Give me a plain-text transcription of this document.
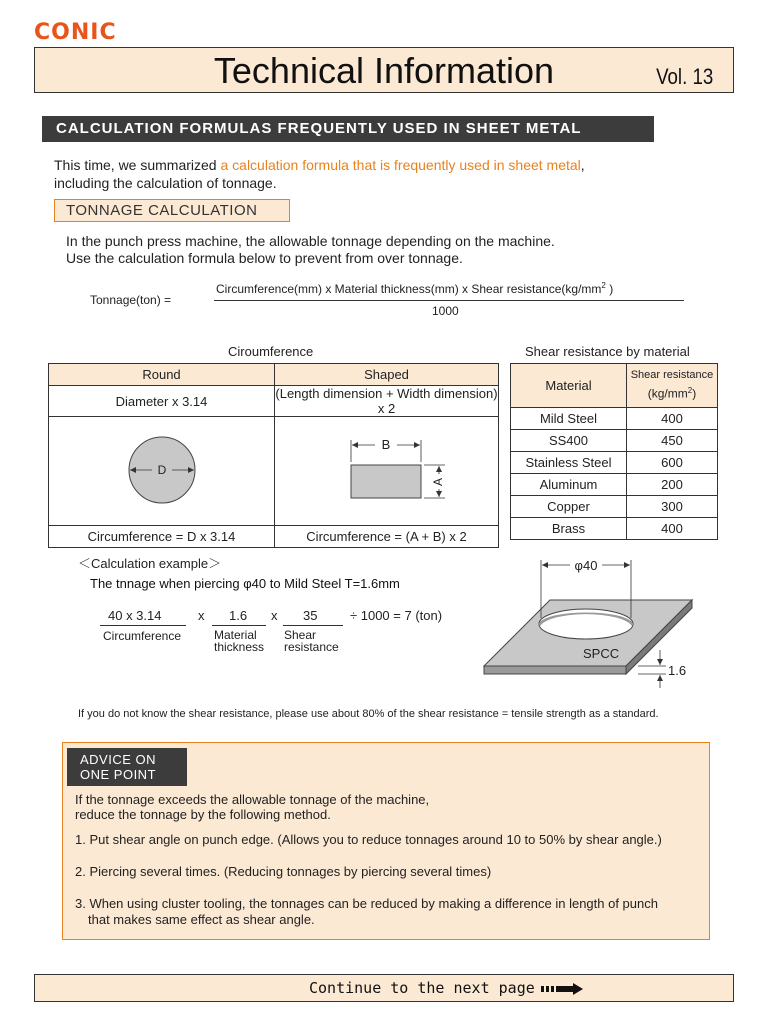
CONIC
Technical Information	Vol. 13
CALCULATION FORMULAS FREQUENTLY USED IN SHEET METAL
This time, we summarized a calculation formula that is frequently used in sheet metal,
including the calculation of tonnage.
TONNAGE CALCULATION
In the punch press machine, the allowable tonnage depending on the machine.
Use the calculation formula below to prevent from over tonnage.
Tonnage(ton) =
Circumference(mm) x Material thickness(mm) x Shear $resistance(kg/mm^2$ )
1000
Ciroumference	Shear resistance by material
Round	Shaped
Diameter x 3.14	(Length dimension + Width dimension) x 2

D	B
A

Circumference = D x 3.14	Circumference = (A + B) x 2
Material	Shear resistance
$(kg/mm^2)$
Mild Steel	400
SS400	450
Stainless Steel	600
Aluminum	200
Copper	300
Brass	400
＜Calculation example＞
The tnnage when piercing φ40 to Mild Steel T=1.6mm
40 x 3.14
Circumference
x 1.6
Material
thickness
x 35
Shear
resistance
÷ 1000 = 7 (ton)
φ40
SPCC
1.6
If you do not know the shear resistance, please use about 80% of the shear resistance = tensile strength as a standard.
ADVICE ON
ONE POINT
If the tonnage exceeds the allowable tonnage of the machine,
reduce the tonnage by the following method.
1. Put shear angle on punch edge. (Allows you to reduce tonnages around 10 to 50% by shear angle.)
2. Piercing several times. (Reducing tonnages by piercing several times)
3. When using cluster tooling, the tonnages can be reduced by making a difference in length of punch
that makes same effect as shear angle.
Continue to the next page
